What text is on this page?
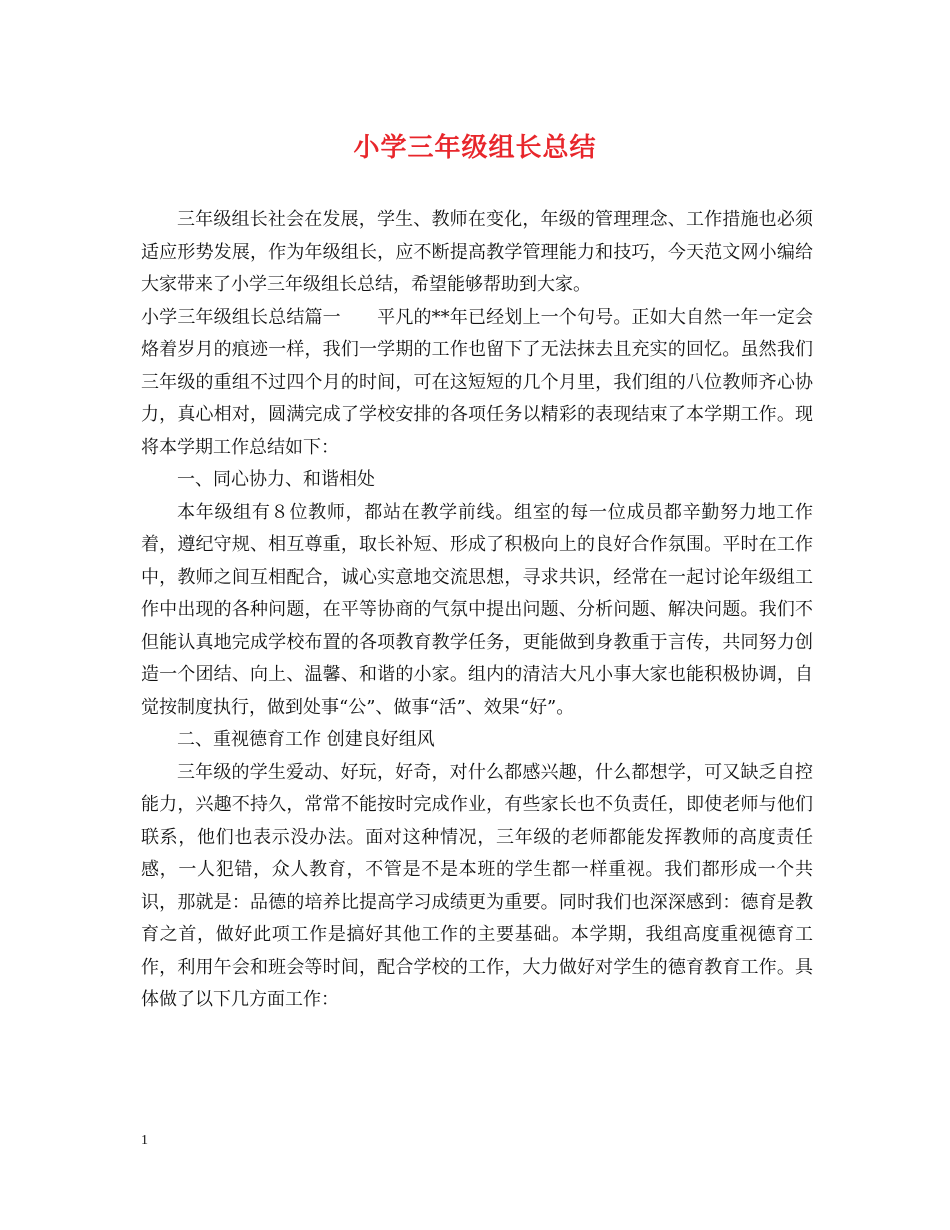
小学三年级组长总结

三年级组长社会在发展，学生、教师在变化，年级的管理理念、工作措施也必须适应形势发展，作为年级组长，应不断提高教学管理能力和技巧，今天范文网小编给大家带来了小学三年级组长总结，希望能够帮助到大家。

小学三年级组长总结篇一　　平凡的**年已经划上一个句号。正如大自然一年一定会烙着岁月的痕迹一样，我们一学期的工作也留下了无法抹去且充实的回忆。虽然我们三年级的重组不过四个月的时间，可在这短短的几个月里，我们组的八位教师齐心协力，真心相对，圆满完成了学校安排的各项任务以精彩的表现结束了本学期工作。现将本学期工作总结如下：

一、同心协力、和谐相处

本年级组有８位教师，都站在教学前线。组室的每一位成员都辛勤努力地工作着，遵纪守规、相互尊重，取长补短、形成了积极向上的良好合作氛围。平时在工作中，教师之间互相配合，诚心实意地交流思想，寻求共识，经常在一起讨论年级组工作中出现的各种问题，在平等协商的气氛中提出问题、分析问题、解决问题。我们不但能认真地完成学校布置的各项教育教学任务，更能做到身教重于言传，共同努力创造一个团结、向上、温馨、和谐的小家。组内的清洁大凡小事大家也能积极协调，自觉按制度执行，做到处事“公”、做事“活”、效果“好”。

二、重视德育工作 创建良好组风

三年级的学生爱动、好玩，好奇，对什么都感兴趣，什么都想学，可又缺乏自控能力，兴趣不持久，常常不能按时完成作业，有些家长也不负责任，即使老师与他们联系，他们也表示没办法。面对这种情况，三年级的老师都能发挥教师的高度责任感，一人犯错，众人教育，不管是不是本班的学生都一样重视。我们都形成一个共识，那就是：品德的培养比提高学习成绩更为重要。同时我们也深深感到：德育是教育之首，做好此项工作是搞好其他工作的主要基础。本学期，我组高度重视德育工作，利用午会和班会等时间，配合学校的工作，大力做好对学生的德育教育工作。具体做了以下几方面工作：

1
